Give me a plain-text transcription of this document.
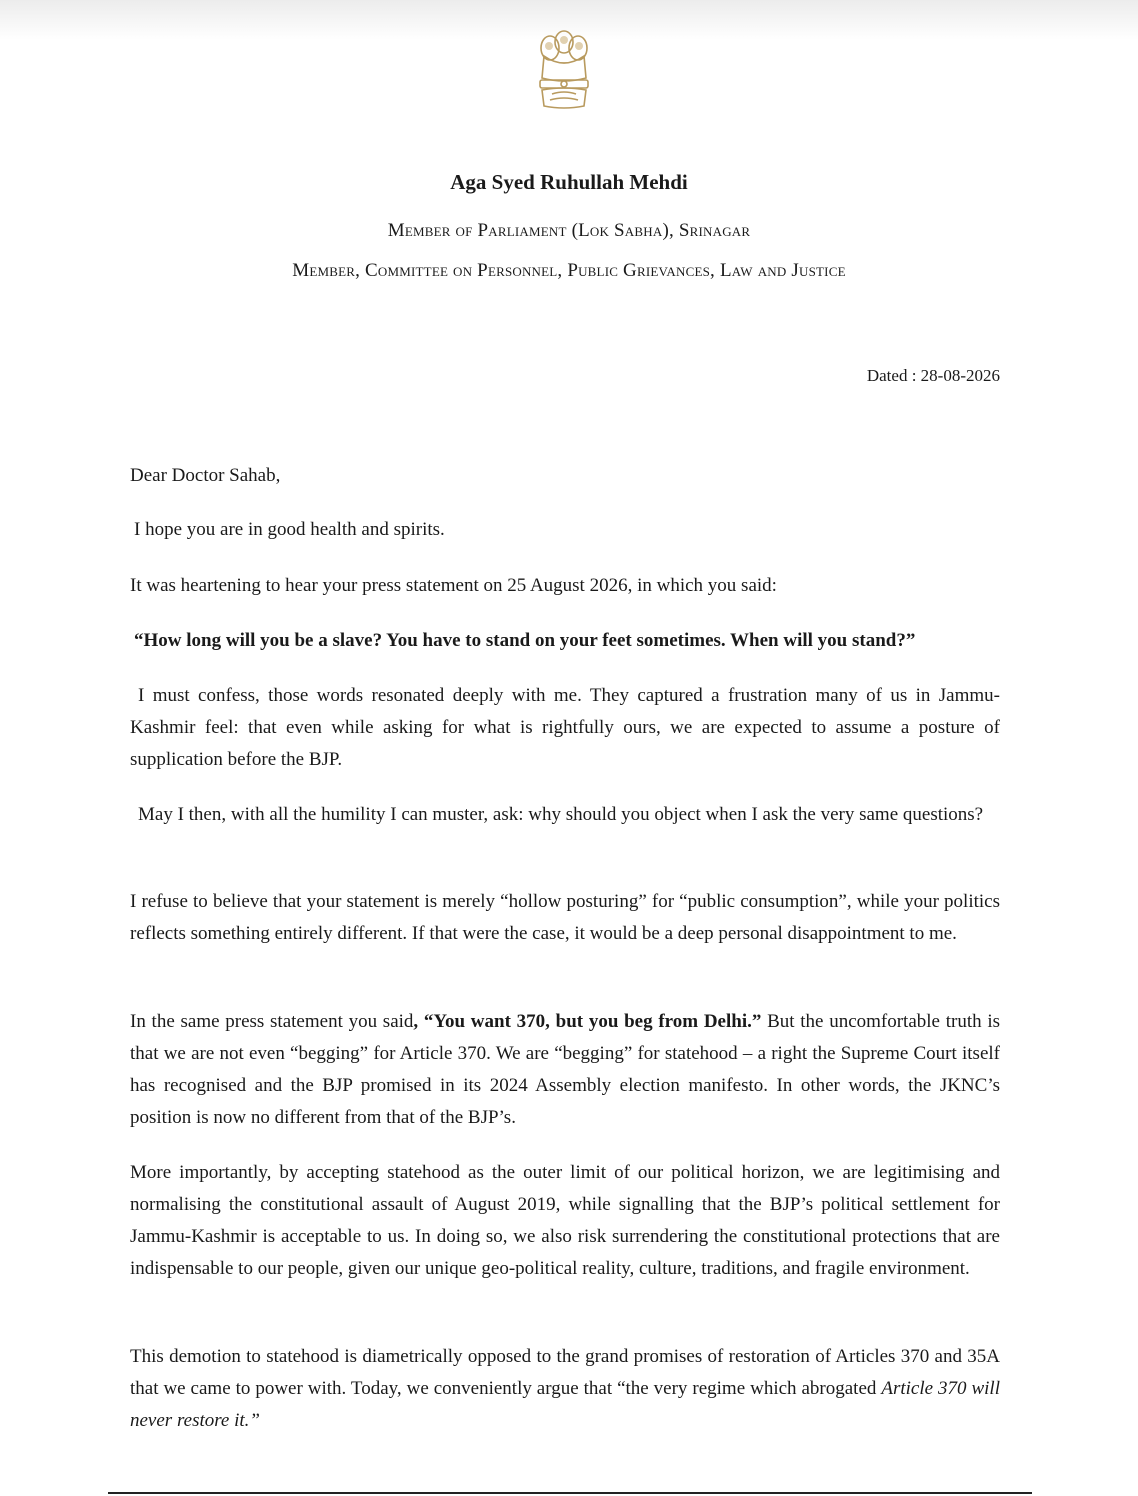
Aga Syed Ruhullah Mehdi
Member of Parliament (Lok Sabha), Srinagar
Member, Committee on Personnel, Public Grievances, Law and Justice
Dated : 28-08-2026

Dear Doctor Sahab,

I hope you are in good health and spirits.

It was heartening to hear your press statement on 25 August 2026, in which you said:

“How long will you be a slave? You have to stand on your feet sometimes. When will you stand?”

I must confess, those words resonated deeply with me. They captured a frustration many of us in Jammu-Kashmir feel: that even while asking for what is rightfully ours, we are expected to assume a posture of supplication before the BJP.

May I then, with all the humility I can muster, ask: why should you object when I ask the very same questions?

I refuse to believe that your statement is merely “hollow posturing” for “public consumption”, while your politics reflects something entirely different. If that were the case, it would be a deep personal disappointment to me.

In the same press statement you said, “You want 370, but you beg from Delhi.” But the uncomfortable truth is that we are not even “begging” for Article 370. We are “begging” for statehood – a right the Supreme Court itself has recognised and the BJP promised in its 2024 Assembly election manifesto. In other words, the JKNC’s position is now no different from that of the BJP’s.

More importantly, by accepting statehood as the outer limit of our political horizon, we are legitimising and normalising the constitutional assault of August 2019, while signalling that the BJP’s political settlement for Jammu-Kashmir is acceptable to us. In doing so, we also risk surrendering the constitutional protections that are indispensable to our people, given our unique geo-political reality, culture, traditions, and fragile environment.

This demotion to statehood is diametrically opposed to the grand promises of restoration of Articles 370 and 35A that we came to power with. Today, we conveniently argue that “the very regime which abrogated Article 370 will never restore it.”
